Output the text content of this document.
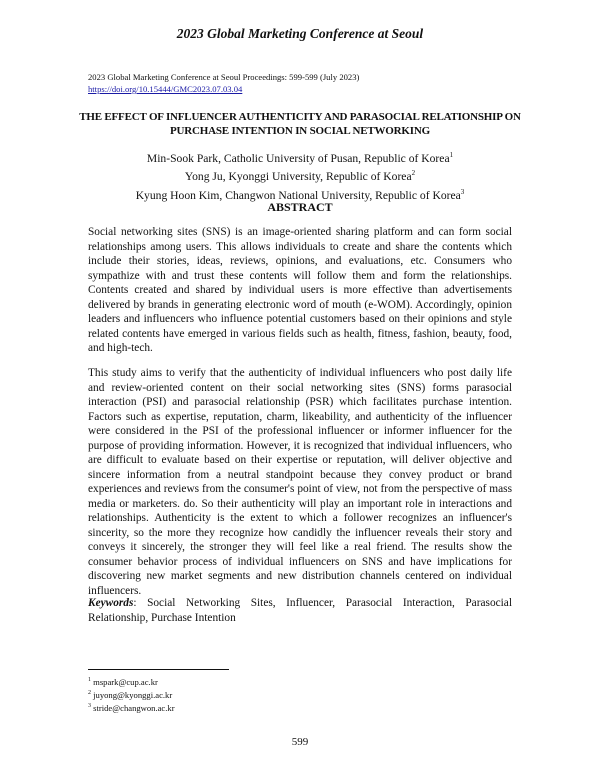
2023 Global Marketing Conference at Seoul
2023 Global Marketing Conference at Seoul Proceedings: 599-599 (July 2023)
https://doi.org/10.15444/GMC2023.07.03.04
THE EFFECT OF INFLUENCER AUTHENTICITY AND PARASOCIAL RELATIONSHIP ON PURCHASE INTENTION IN SOCIAL NETWORKING
Min-Sook Park, Catholic University of Pusan, Republic of Korea$^1$
Yong Ju, Kyonggi University, Republic of Korea$^2$
Kyung Hoon Kim, Changwon National University, Republic of Korea$^3$
ABSTRACT
Social networking sites (SNS) is an image-oriented sharing platform and can form social relationships among users. This allows individuals to create and share the contents which include their stories, ideas, reviews, opinions, and evaluations, etc. Consumers who sympathize with and trust these contents will follow them and form the relationships. Contents created and shared by individual users is more effective than advertisements delivered by brands in generating electronic word of mouth (e-WOM). Accordingly, opinion leaders and influencers who influence potential customers based on their opinions and style related contents have emerged in various fields such as health, fitness, fashion, beauty, food, and high-tech.
This study aims to verify that the authenticity of individual influencers who post daily life and review-oriented content on their social networking sites (SNS) forms parasocial interaction (PSI) and parasocial relationship (PSR) which facilitates purchase intention. Factors such as expertise, reputation, charm, likeability, and authenticity of the influencer were considered in the PSI of the professional influencer or informer influencer for the purpose of providing information. However, it is recognized that individual influencers, who are difficult to evaluate based on their expertise or reputation, will deliver objective and sincere information from a neutral standpoint because they convey product or brand experiences and reviews from the consumer's point of view, not from the perspective of mass media or marketers. do. So their authenticity will play an important role in interactions and relationships. Authenticity is the extent to which a follower recognizes an influencer's sincerity, so the more they recognize how candidly the influencer reveals their story and conveys it sincerely, the stronger they will feel like a real friend. The results show the consumer behavior process of individual influencers on SNS and have implications for discovering new market segments and new distribution channels centered on individual influencers.
Keywords: Social Networking Sites, Influencer, Parasocial Interaction, Parasocial Relationship, Purchase Intention
$^1$ mspark@cup.ac.kr
$^2$ juyong@kyonggi.ac.kr
$^3$ stride@changwon.ac.kr
599
